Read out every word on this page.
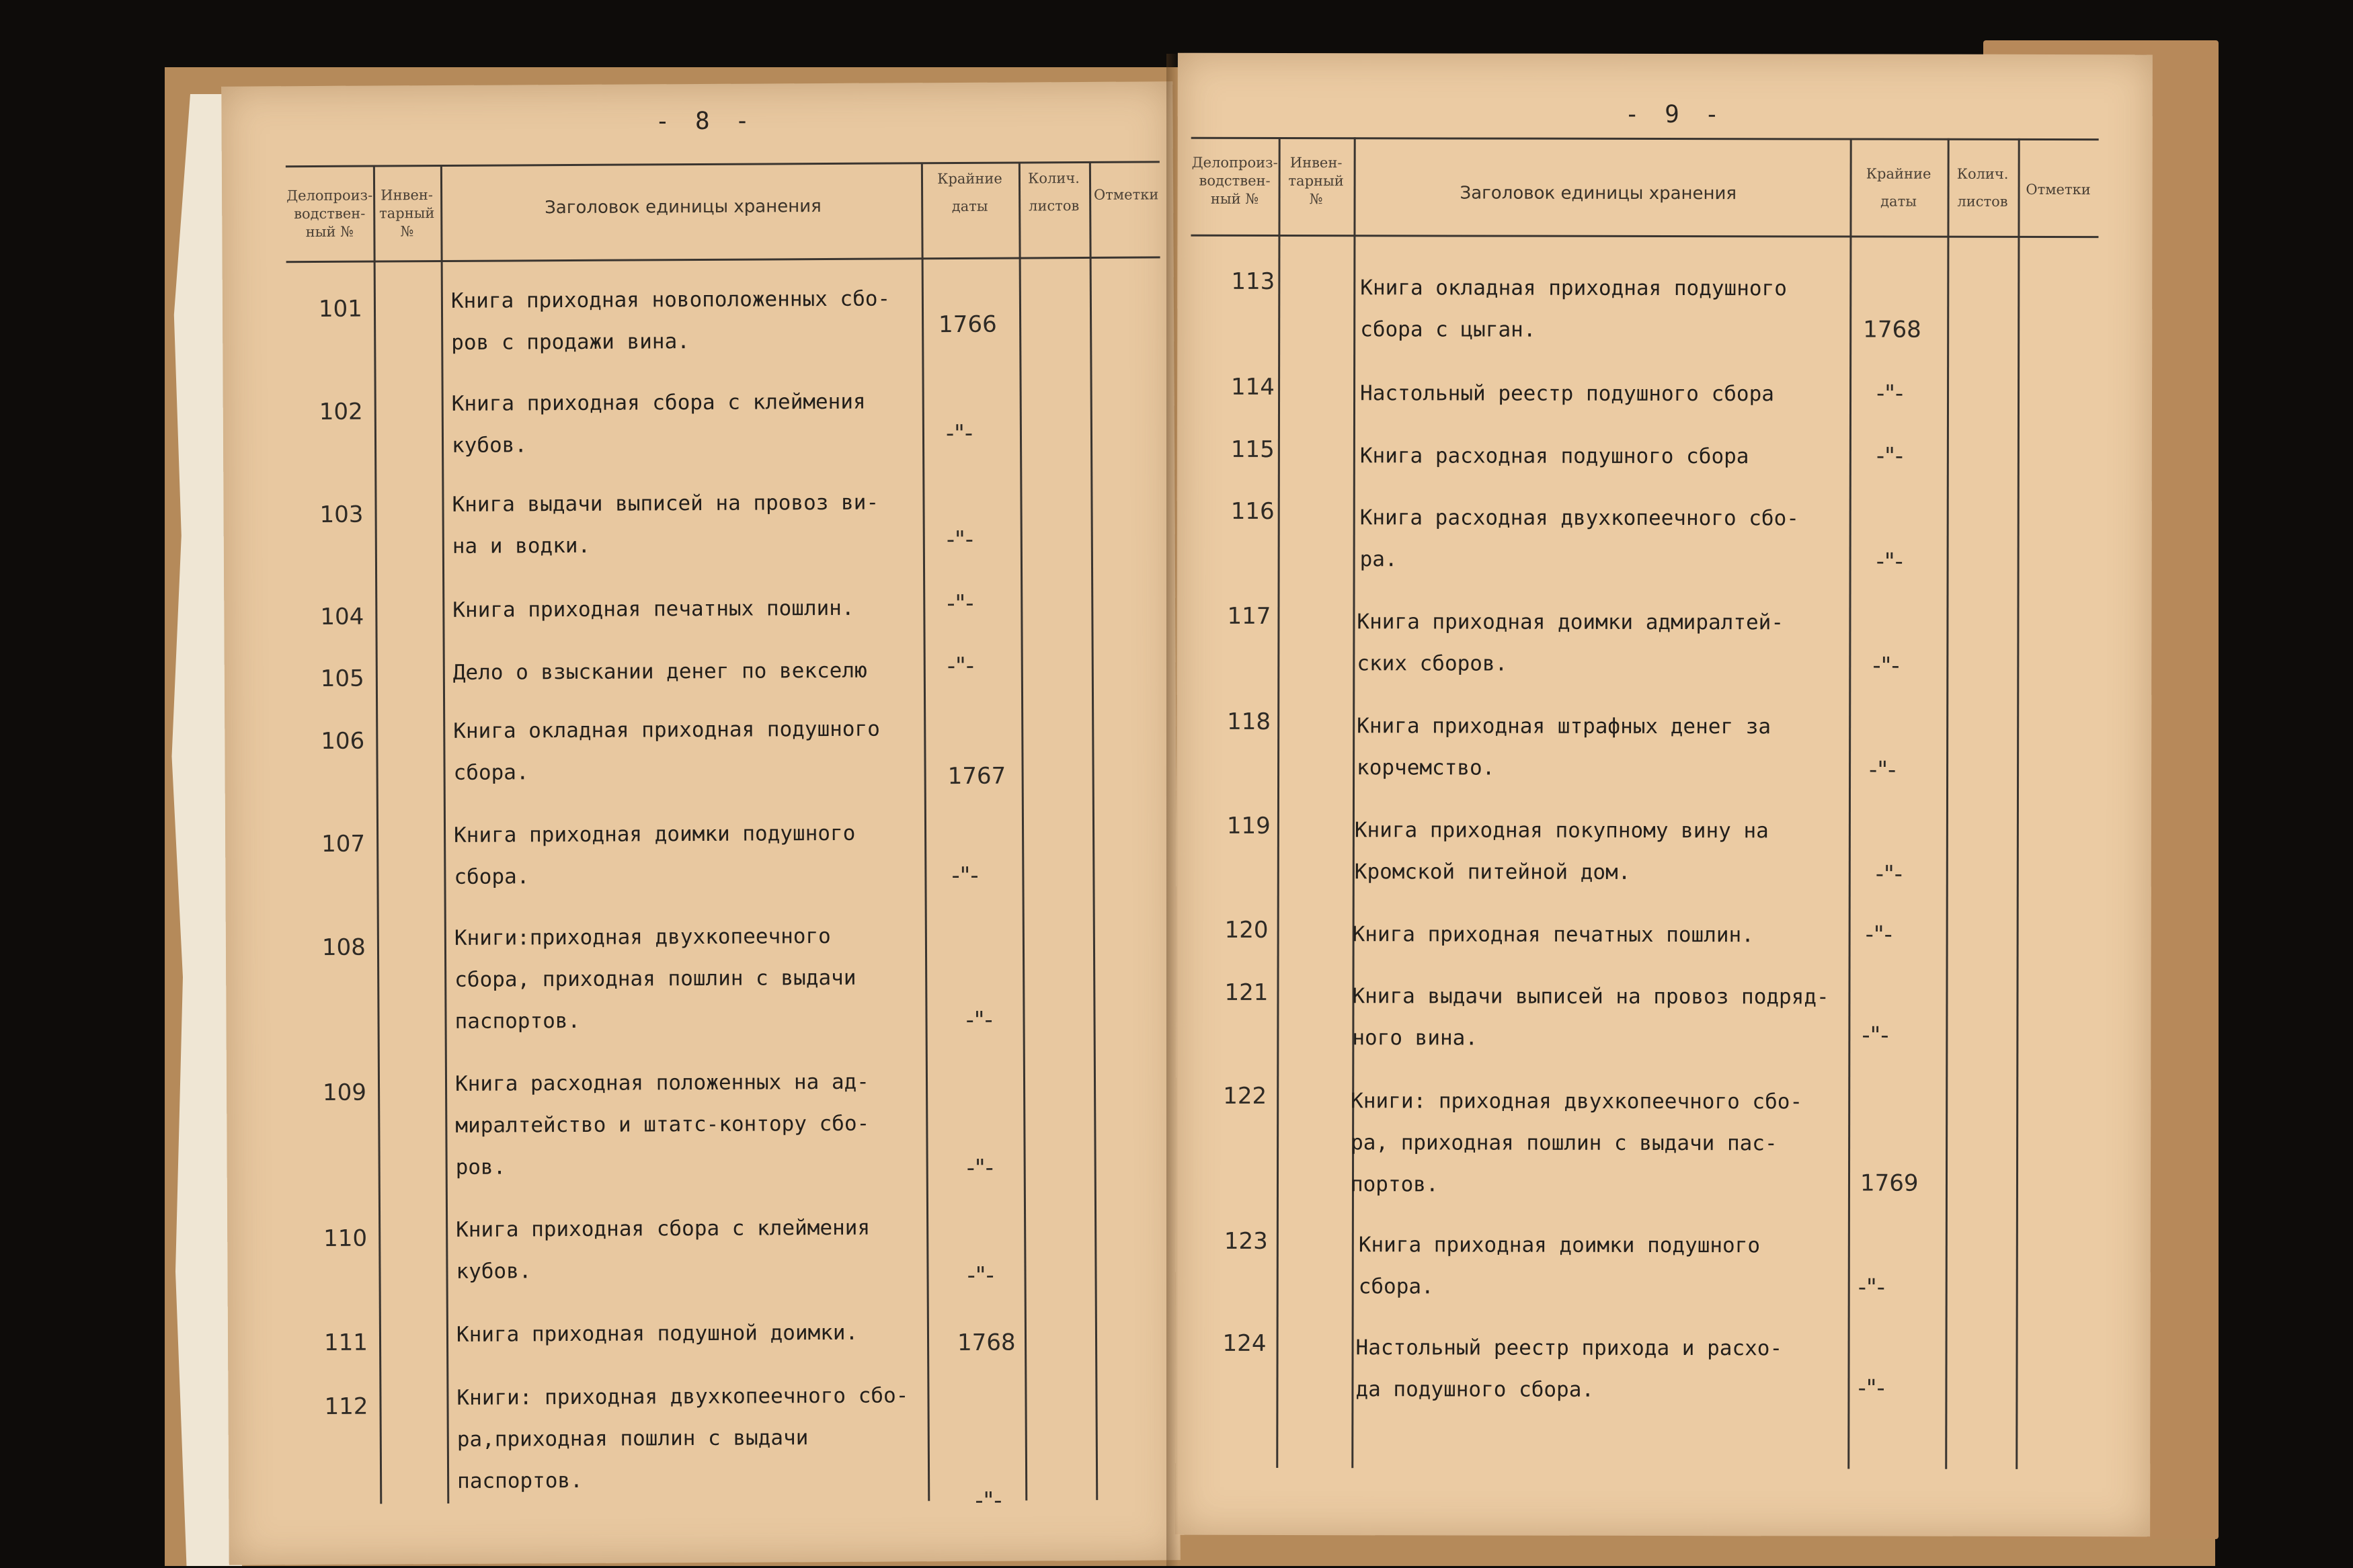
- 8 -
Делопроиз-
водствен-
ный №
Инвен-
тарный
№
Заголовок единицы хранения
Крайние
даты
Колич.
листов
Отметки
101	Книга приходная новоположенных сбо-
ров с продажи вина.
1766
102	Книга приходная сбора с клеймения
кубов.	-"-
103	Книга выдачи выписей на провоз ви-
на и водки.	-"-
104	Книга приходная печатных пошлин.	-"-
105	Дело о взыскании денег по векселю	-"-
106	Книга окладная приходная подушного
сбора.	1767
107	Книга приходная доимки подушного
сбора.	-"-
108	Книги:приходная двухкопеечного
сбора, приходная пошлин с выдачи
паспортов.	-"-
109	Книга расходная положенных на ад-
миралтейство и штатс-контору сбо-
ров.	-"-
110	Книга приходная сбора с клеймения
кубов.	-"-
111	Книга приходная подушной доимки.	1768
112	Книги: приходная двухкопеечного сбо-
ра,приходная пошлин с выдачи
паспортов.
-"-
- 9 -
Делопроиз-
водствен-
ный №
Инвен-
тарный
№	Заголовок единицы хранения
Крайние
даты
Колич.
листов
Отметки
113	Книга окладная приходная подушного
сбора с цыган.	1768
114	Настольный реестр подушного сбора	-"-
115	Книга расходная подушного сбора	-"-
116	Книга расходная двухкопеечного сбо-
ра.	-"-
117	Книга приходная доимки адмиралтей-
ских сборов.	-"-
118	Книга приходная штрафных денег за
корчемство.	-"-
119	Книга приходная покупному вину на
Кромской питейной дом.	-"-
120	Книга приходная печатных пошлин.	-"-
121	Книга выдачи выписей на провоз подряд-
ного вина.	-"-
122	Книги: приходная двухкопеечного сбо-
ра, приходная пошлин с выдачи пас-
портов.	1769
123	Книга приходная доимки подушного
сбора.	-"-
124	Настольный реестр прихода и расхо-
да подушного сбора.	-"-
